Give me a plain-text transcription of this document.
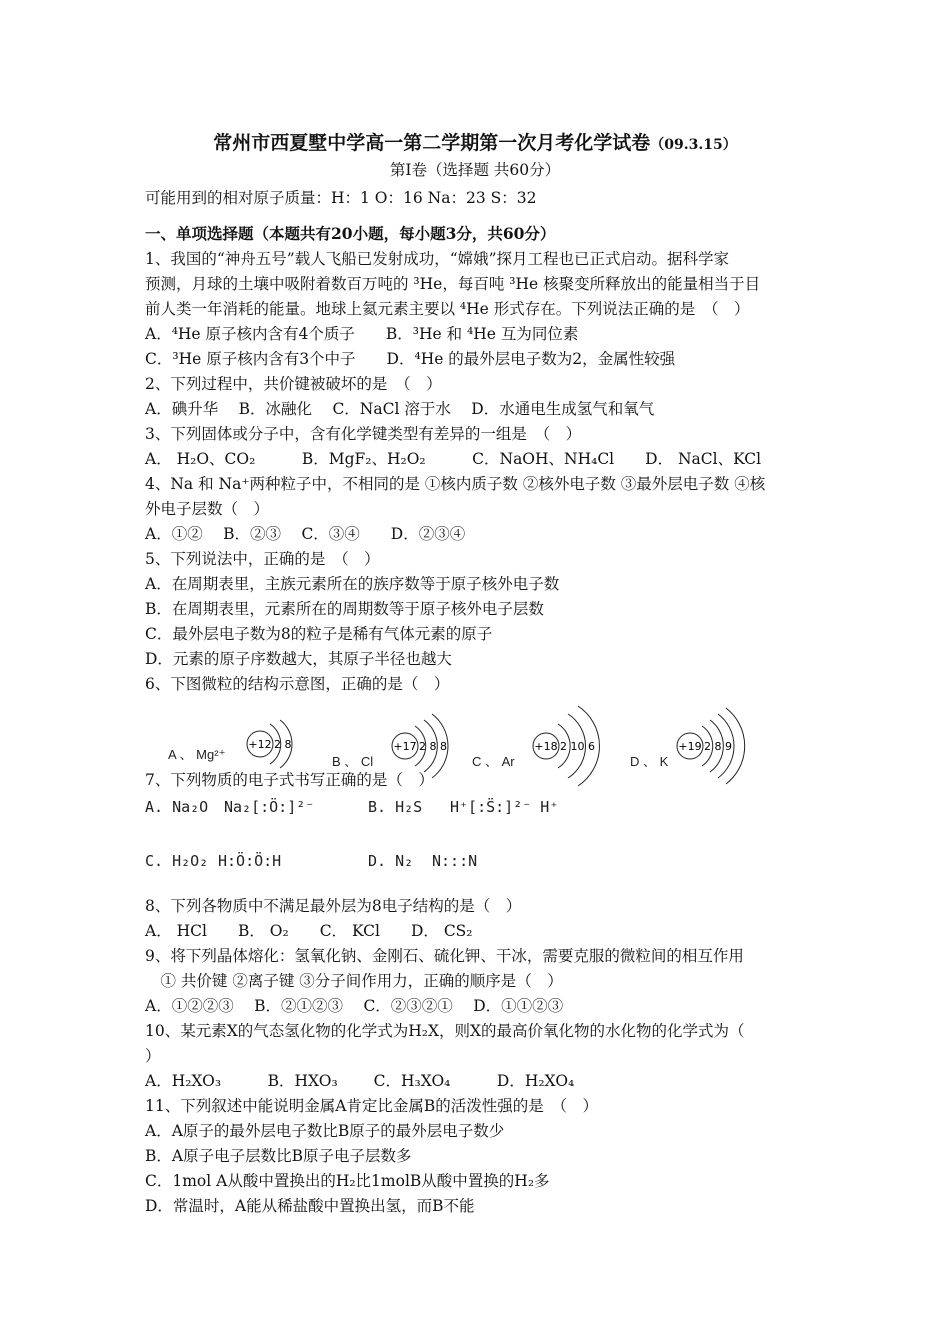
常州市西夏墅中学高一第二学期第一次月考化学试卷（09.3.15）
第Ⅰ卷（选择题 共60分）
可能用到的相对原子质量：H：1 O：16 Na：23 S：32
一、单项选择题（本题共有20小题，每小题3分，共60分）
1、我国的“神舟五号”载人飞船已发射成功，“嫦娥”探月工程也已正式启动。据科学家
预测，月球的土壤中吸附着数百万吨的 ³He，每百吨 ³He 核聚变所释放出的能量相当于目
前人类一年消耗的能量。地球上氦元素主要以 ⁴He 形式存在。下列说法正确的是　（　）
A．⁴He 原子核内含有4个质子　　B．³He 和 ⁴He 互为同位素
C．³He 原子核内含有3个中子　　D．⁴He 的最外层电子数为2，金属性较强
2、下列过程中，共价键被破坏的是　（　）
A．碘升华　 B．冰融化　 C．NaCl 溶于水　 D．水通电生成氢气和氧气
3、下列固体或分子中，含有化学键类型有差异的一组是　（　）
A． H₂O、CO₂　　　B．MgF₂、H₂O₂　　　C．NaOH、NH₄Cl　　D． NaCl、KCl
4、Na 和 Na⁺两种粒子中，不相同的是 ①核内质子数 ②核外电子数 ③最外层电子数 ④核
外电子层数（　）
A．①②　 B．②③　 C．③④　　D．②③④
5、下列说法中，正确的是　（　）
A．在周期表里，主族元素所在的族序数等于原子核外电子数
B．在周期表里，元素所在的周期数等于原子核外电子层数
C．最外层电子数为8的粒子是稀有气体元素的原子
D．元素的原子序数越大，其原子半径也越大
6、下图微粒的结构示意图，正确的是（　）
A 、 Mg²⁺	B 、 Cl	C 、 Ar	D 、 K
+12 2 8	+17 2 8 8	+18 2 10 6	+19 2 8 9
7、下列物质的电子式书写正确的是（　）
A. Na₂O Na₂[:Ö:]²⁻	B. H₂S H⁺[:S̈:]²⁻ H⁺
C. H₂O₂ H:Ö:Ö:H	D. N₂ N:::N
8、下列各物质中不满足最外层为8电子结构的是（　）
A． HCl　　B． O₂　　C． KCl　　D． CS₂
9、将下列晶体熔化：氢氧化钠、金刚石、硫化钾、干冰，需要克服的微粒间的相互作用
　① 共价键 ②离子键 ③分子间作用力，正确的顺序是（　）
A．①②②③　 B．②①②③　 C．②③②①　 D．①①②③
10、某元素X的气态氢化物的化学式为H₂X，则X的最高价氧化物的水化物的化学式为（
）
A．H₂XO₃　　　B．HXO₃　　 C．H₃XO₄　　　D．H₂XO₄
11、下列叙述中能说明金属A肯定比金属B的活泼性强的是　（　）
A．A原子的最外层电子数比B原子的最外层电子数少
B．A原子电子层数比B原子电子层数多
C．1mol A从酸中置换出的H₂比1molB从酸中置换的H₂多
D．常温时，A能从稀盐酸中置换出氢，而B不能
